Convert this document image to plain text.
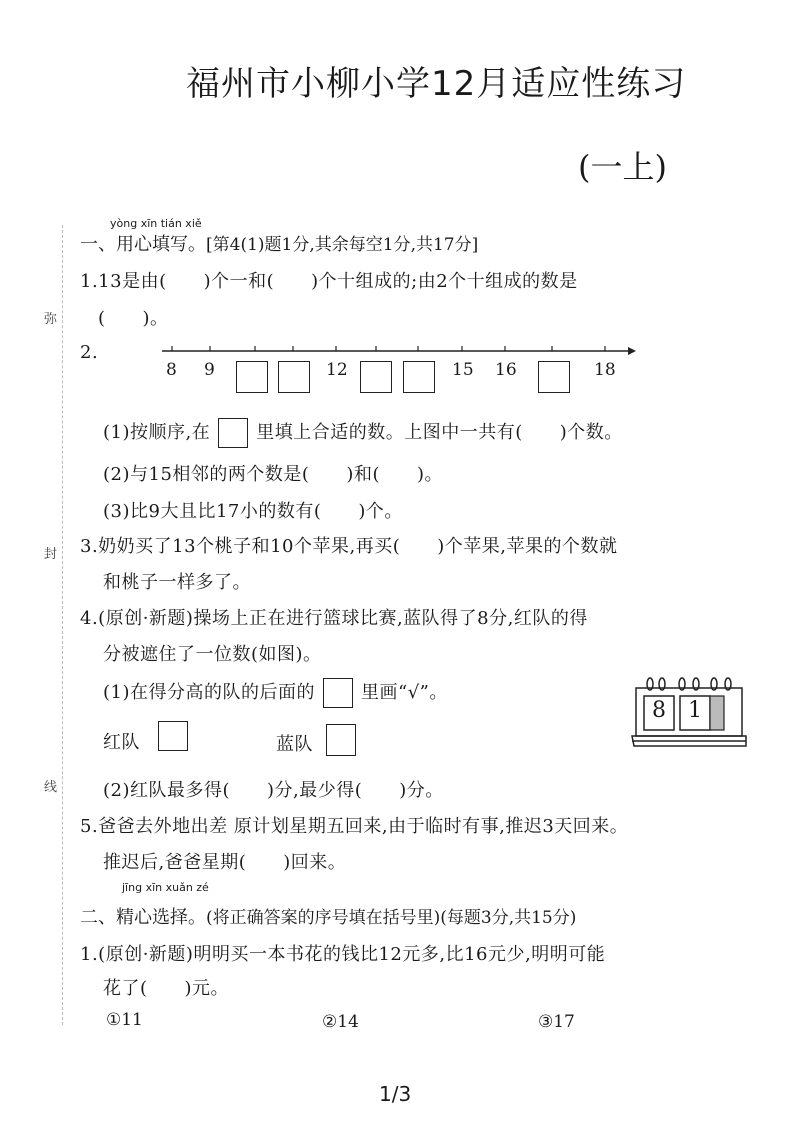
福州市小柳小学12月适应性练习
(一上)
弥
封
线
yòng xīn tián xiě
一、用心填写。[第4(1)题1分,其余每空1分,共17分]
1.13是由(　　)个一和(　　)个十组成的;由2个十组成的数是
(　　)。
2.
8 9	12	15 16	18
(1)按顺序,在	里填上合适的数。上图中一共有(　　)个数。
(2)与15相邻的两个数是(　　)和(　　)。
(3)比9大且比17小的数有(　　)个。
3.奶奶买了13个桃子和10个苹果,再买(　　)个苹果,苹果的个数就
和桃子一样多了。
4.(原创·新题)操场上正在进行篮球比赛,蓝队得了8分,红队的得
分被遮住了一位数(如图)。
(1)在得分高的队的后面的	里画“√”。
红队	蓝队
8	1
(2)红队最多得(　　)分,最少得(　　)分。
5.爸爸去外地出差 原计划星期五回来,由于临时有事,推迟3天回来。
推迟后,爸爸星期(　　)回来。
jīng xīn xuǎn zé
二、精心选择。(将正确答案的序号填在括号里)(每题3分,共15分)
1.(原创·新题)明明买一本书花的钱比12元多,比16元少,明明可能
花了(　　)元。
①11	②14	③17
1/3
